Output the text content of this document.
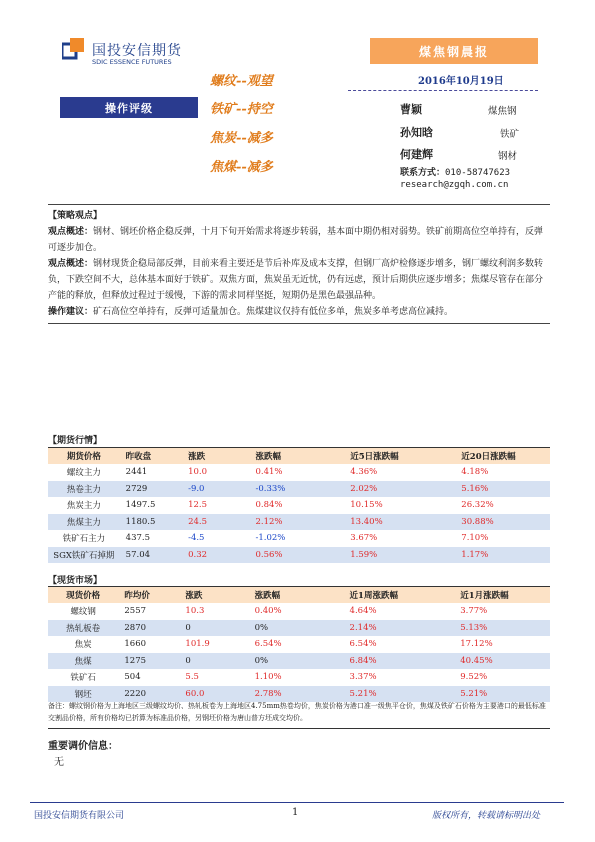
国投安信期货
SDIC ESSENCE FUTURES
煤焦钢晨报
2016年10月19日
操作评级
螺纹--观望
铁矿--持空
焦炭--减多
焦煤--减多
曹颖	煤焦钢
孙知晗	铁矿
何建辉	钢材
联系方式：010-58747623
research@zgqh.com.cn

【策略观点】

观点概述：钢材、钢坯价格企稳反弹，十月下旬开始需求将逐步转弱，基本面中期仍相对弱势。铁矿前期高位空单持有，反弹可逐步加仓。

观点概述：钢材现货企稳局部反弹，目前来看主要还是节后补库及成本支撑，但钢厂高炉检修逐步增多，钢厂螺纹利润多数转负，下跌空间不大，总体基本面好于铁矿。双焦方面，焦炭虽无近忧，仍有远虑，预计后期供应逐步增多；焦煤尽管存在部分产能的释放，但释放过程过于缓慢，下游的需求同样坚挺，短期仍是黑色最强品种。

操作建议：矿石高位空单持有，反弹可适量加仓。焦煤建议仅持有低位多单，焦炭多单考虑高位减持。

【期货行情】
期货价格	昨收盘	涨跌	涨跌幅	近5日涨跌幅	近20日涨跌幅
螺纹主力	2441	10.0	0.41%	4.36%	4.18%
热卷主力	2729	-9.0	-0.33%	2.02%	5.16%
焦炭主力	1497.5	12.5	0.84%	10.15%	26.32%
焦煤主力	1180.5	24.5	2.12%	13.40%	30.88%
铁矿石主力	437.5	-4.5	-1.02%	3.67%	7.10%
SGX铁矿石掉期	57.04	0.32	0.56%	1.59%	1.17%
【现货市场】
现货价格	昨均价	涨跌	涨跌幅	近1周涨跌幅	近1月涨跌幅
螺纹钢	2557	10.3	0.40%	4.64%	3.77%
热轧板卷	2870	0	0%	2.14%	5.13%
焦炭	1660	101.9	6.54%	6.54%	17.12%
焦煤	1275	0	0%	6.84%	40.45%
铁矿石	504	5.5	1.10%	3.37%	9.52%
钢坯	2220	60.0	2.78%	5.21%	5.21%
备注：螺纹钢价格为上海地区三级螺纹均价、热轧板卷为上海地区4.75mm热卷均价，焦炭价格为港口准一级焦平仓价，焦煤及铁矿石价格为主要港口的最低标准交割品价格，所有价格均已折算为标准品价格，另钢坯价格为唐山普方坯成交均价。
重要调价信息：
无
国投安信期货有限公司	1	版权所有，转载请标明出处
